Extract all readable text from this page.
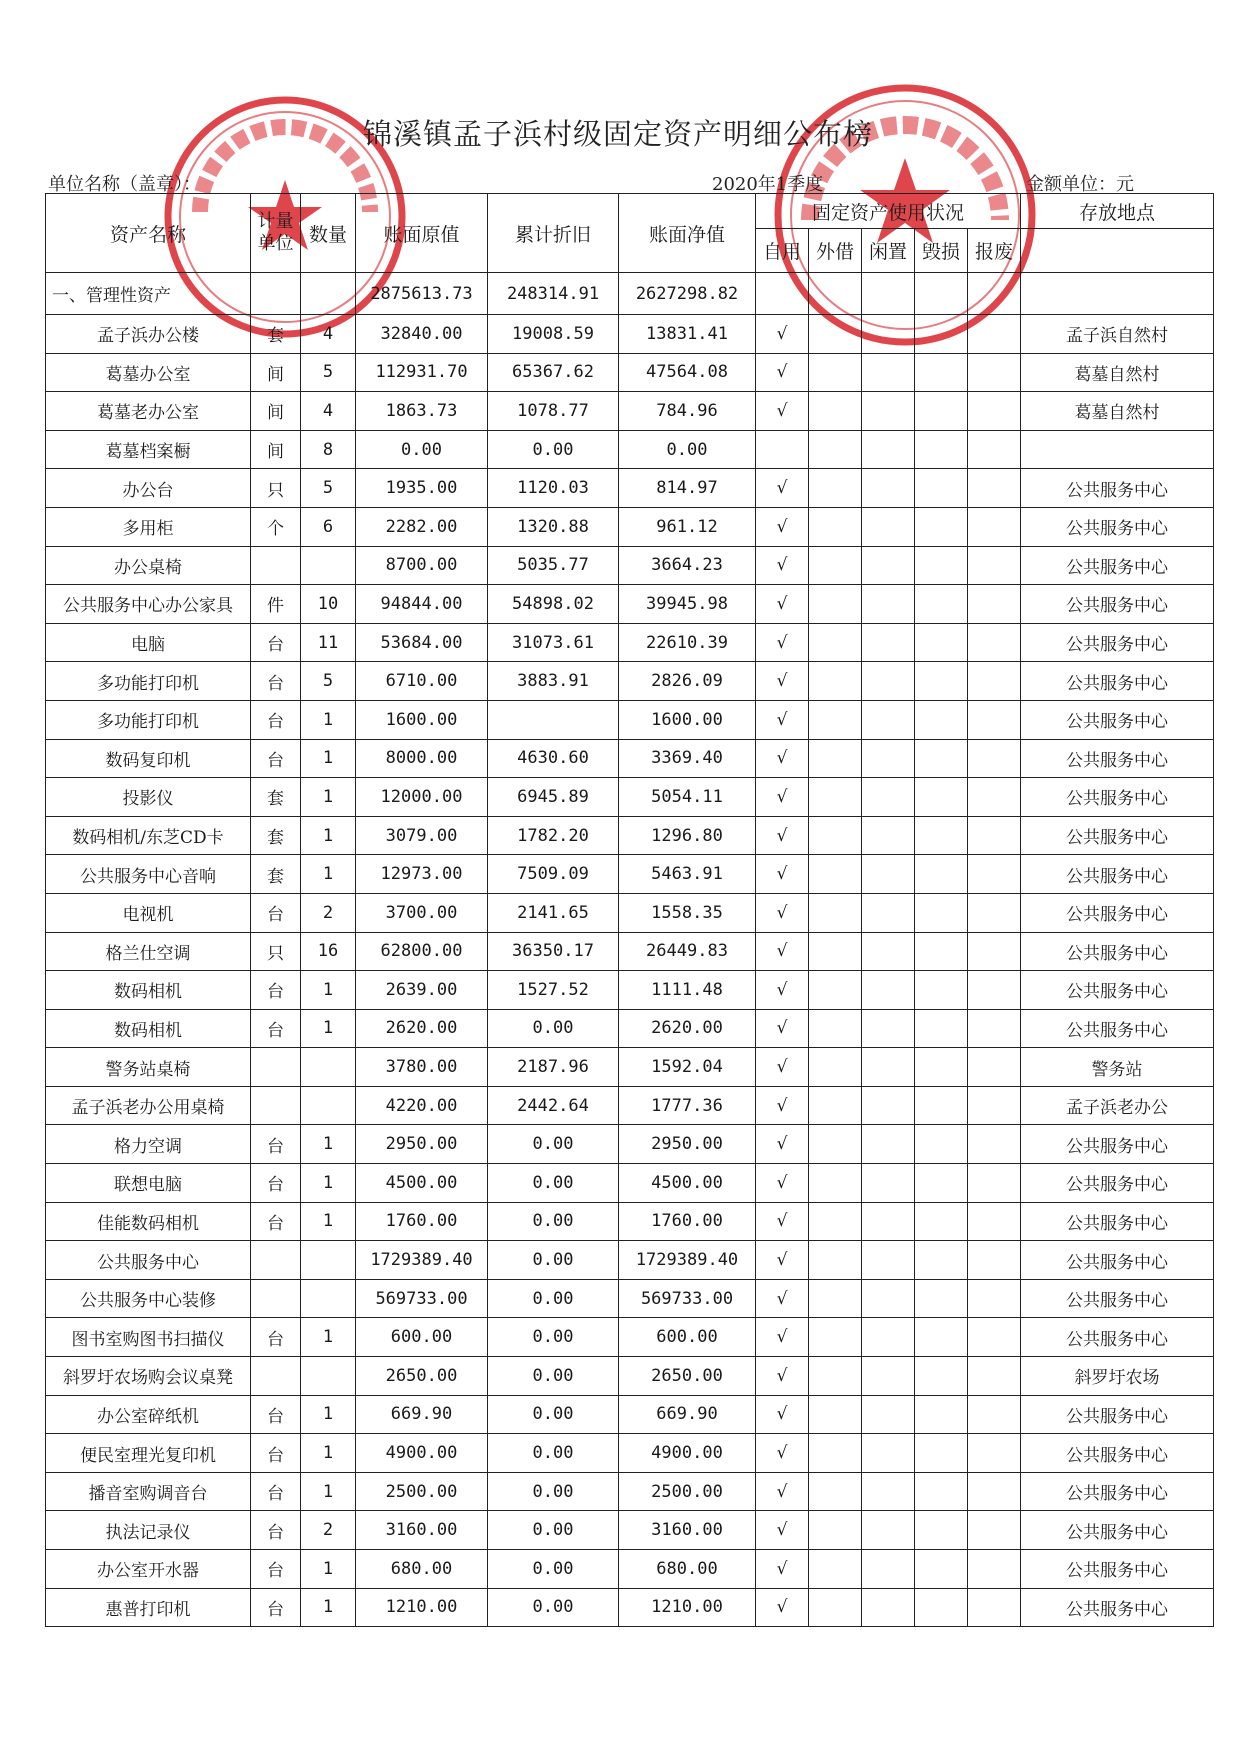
锦溪镇孟子浜村级固定资产明细公布榜
单位名称（盖章）：	2020年1季度	金额单位：元
资产名称	计量单位	数量	账面原值	累计折旧	账面净值	固定资产使用状况					存放地点
						自用	外借	闲置	毁损	报废	
一、管理性资产			2875613.73	248314.91	2627298.82						
孟子浜办公楼	套	4	32840.00	19008.59	13831.41	√					孟子浜自然村
葛墓办公室	间	5	112931.70	65367.62	47564.08	√					葛墓自然村
葛墓老办公室	间	4	1863.73	1078.77	784.96	√					葛墓自然村
葛墓档案橱	间	8	0.00	0.00	0.00						
办公台	只	5	1935.00	1120.03	814.97	√					公共服务中心
多用柜	个	6	2282.00	1320.88	961.12	√					公共服务中心
办公桌椅			8700.00	5035.77	3664.23	√					公共服务中心
公共服务中心办公家具	件	10	94844.00	54898.02	39945.98	√					公共服务中心
电脑	台	11	53684.00	31073.61	22610.39	√					公共服务中心
多功能打印机	台	5	6710.00	3883.91	2826.09	√					公共服务中心
多功能打印机	台	1	1600.00		1600.00	√					公共服务中心
数码复印机	台	1	8000.00	4630.60	3369.40	√					公共服务中心
投影仪	套	1	12000.00	6945.89	5054.11	√					公共服务中心
数码相机/东芝CD卡	套	1	3079.00	1782.20	1296.80	√					公共服务中心
公共服务中心音响	套	1	12973.00	7509.09	5463.91	√					公共服务中心
电视机	台	2	3700.00	2141.65	1558.35	√					公共服务中心
格兰仕空调	只	16	62800.00	36350.17	26449.83	√					公共服务中心
数码相机	台	1	2639.00	1527.52	1111.48	√					公共服务中心
数码相机	台	1	2620.00	0.00	2620.00	√					公共服务中心
警务站桌椅			3780.00	2187.96	1592.04	√					警务站
孟子浜老办公用桌椅			4220.00	2442.64	1777.36	√					孟子浜老办公
格力空调	台	1	2950.00	0.00	2950.00	√					公共服务中心
联想电脑	台	1	4500.00	0.00	4500.00	√					公共服务中心
佳能数码相机	台	1	1760.00	0.00	1760.00	√					公共服务中心
公共服务中心			1729389.40	0.00	1729389.40	√					公共服务中心
公共服务中心装修			569733.00	0.00	569733.00	√					公共服务中心
图书室购图书扫描仪	台	1	600.00	0.00	600.00	√					公共服务中心
斜罗圩农场购会议桌凳			2650.00	0.00	2650.00	√					斜罗圩农场
办公室碎纸机	台	1	669.90	0.00	669.90	√					公共服务中心
便民室理光复印机	台	1	4900.00	0.00	4900.00	√					公共服务中心
播音室购调音台	台	1	2500.00	0.00	2500.00	√					公共服务中心
执法记录仪	台	2	3160.00	0.00	3160.00	√					公共服务中心
办公室开水器	台	1	680.00	0.00	680.00	√					公共服务中心
惠普打印机	台	1	1210.00	0.00	1210.00	√					公共服务中心
